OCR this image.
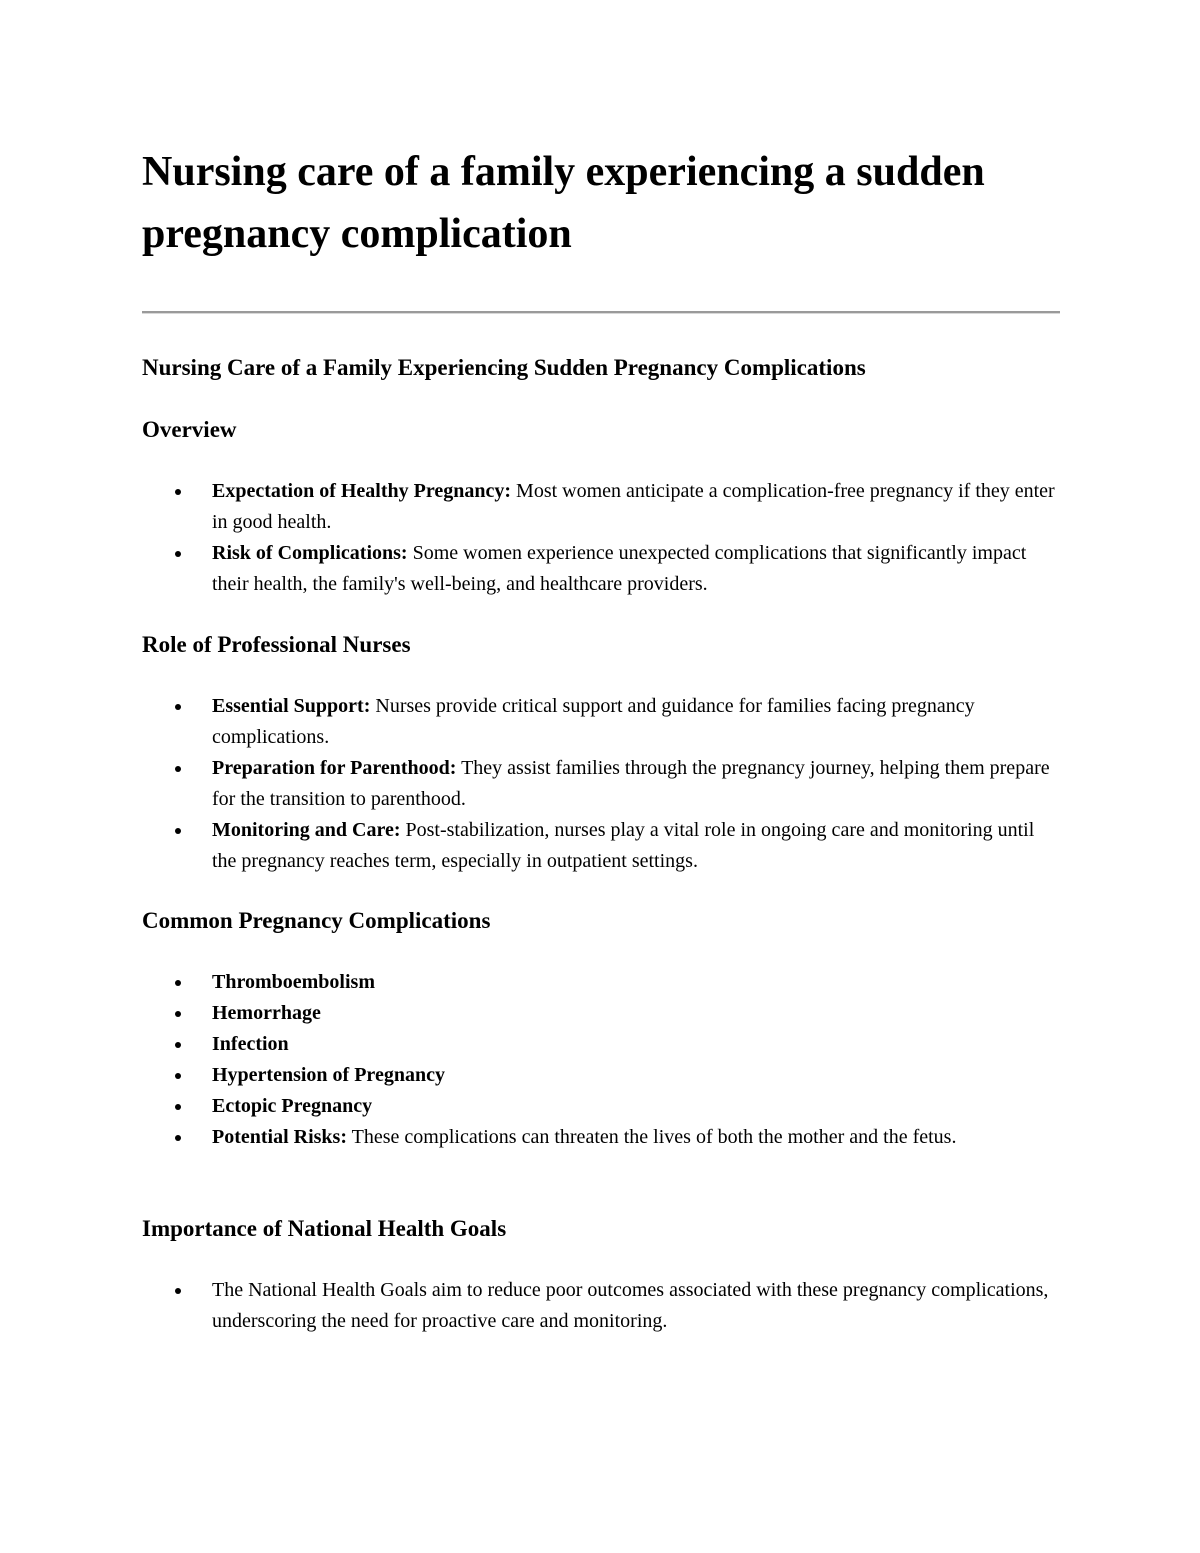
Nursing care of a family experiencing a sudden pregnancy complication
Nursing Care of a Family Experiencing Sudden Pregnancy Complications
Overview
Expectation of Healthy Pregnancy: Most women anticipate a complication-free pregnancy if they enter in good health.
Risk of Complications: Some women experience unexpected complications that significantly impact their health, the family's well-being, and healthcare providers.
Role of Professional Nurses
Essential Support: Nurses provide critical support and guidance for families facing pregnancy complications.
Preparation for Parenthood: They assist families through the pregnancy journey, helping them prepare for the transition to parenthood.
Monitoring and Care: Post-stabilization, nurses play a vital role in ongoing care and monitoring until the pregnancy reaches term, especially in outpatient settings.
Common Pregnancy Complications
Thromboembolism
Hemorrhage
Infection
Hypertension of Pregnancy
Ectopic Pregnancy
Potential Risks: These complications can threaten the lives of both the mother and the fetus.
Importance of National Health Goals
The National Health Goals aim to reduce poor outcomes associated with these pregnancy complications, underscoring the need for proactive care and monitoring.
